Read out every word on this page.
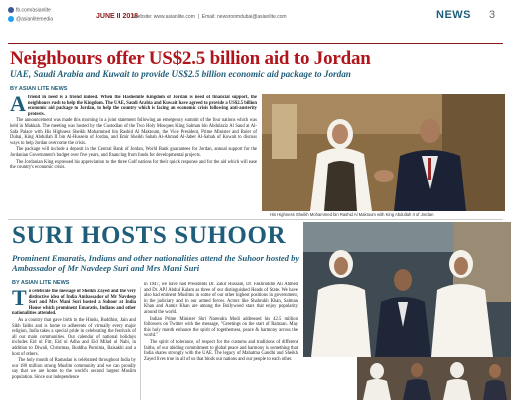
fb.com/asianlite
@asianlitemedia	JUNE II 2018
Website: www.asianlite.com  |  Email: newsroomdubai@asianlite.com	NEWS 3
Neighbours offer US$2.5 billion aid to Jordan
UAE, Saudi Arabia and Kuwait to provide US$2.5 billion economic aid package to Jordan
BY ASIAN LITE NEWS
A friend in need is a friend indeed. When the Hashemite Kingdom of Jordan is need of financial support, the neighbours rush to help the Kingdom. The UAE, Saudi Arabia and Kuwait have agreed to provide a US$2.5 billion economic aid package to Jordan, to help the country which is facing an economic crisis following anti-austerity protests.

The announcement was made this morning in a joint statement following an emergency summit of the four nations which was held in Makkah. The meeting was hosted by the Custodian of the Two Holy Mosques King Salman bin Abdulaziz Al Saud at Al-Safa Palace with His Highness Sheikh Mohammed bin Rashid Al Maktoum, the Vice President, Prime Minister and Ruler of Dubai, King Abdullah II bin Al-Hussein of Jordan, and Emir Sheikh Sabah Al-Ahmad Al-Jaber Al-Sabah of Kuwait to discuss ways to help Jordan overcome the crisis.

The package will include a deposit in the Central Bank of Jordan, World Bank guarantees for Jordan, annual support for the Jordanian Government's budget over five years, and financing from funds for developmental projects.

The Jordanian King expressed his appreciation to the three Gulf nations for their quick response and for the aid which will ease the country's economic crisis.

His Highness Sheikh Mohammed bin Rashid Al Maktoum with King Abdullah II of Jordan
SURI HOSTS SUHOOR
Prominent Emaratis, Indians and other nationalities attend the Suhoor hosted by Ambassador of Mr Navdeep Suri and Mrs Mani Suri
BY ASIAN LITE NEWS
T o celebrate the message of Sheikh Zayed and the very distinctive idea of India Ambassador of Mr Navdeep Suri and Mrs Mani Suri hosted a Suhoor at India House which prominent Emaratis, Indians and other nationalities attended.

As a country that gave birth to the Hindu, Buddhist, Jain and Sikh faiths and is home to adherents of virtually every major religion, India takes a special pride in celebrating the festivals of all our main communities. Our calendar of national holidays includes Eid ul Fitr, Eid ul Adha and Eid Milad ul Nabi, in addition to Diwali, Christmas, Buddha Purnima, Baisakhi and a host of others.

The holy month of Ramadan is celebrated throughout India by our 180 million strong Muslim community and we can proudly say that we are home to the world's second largest Muslim population. Since our independence

in 1947, we have had Presidents Dr. Zakir Hussain, Dr. Fakhruddin Ali Ahmed and Dr. APJ Abdul Kalam as three of our distinguished Heads of State. We have also had eminent Muslims in some of our other highest positions in government, in the judiciary and in our armed forces. Actors like Shahrukh Khan, Salman Khan and Aamir Khan are among the Bollywood stars that enjoy popularity around the world.

Indian Prime Minister Shri Narendra Modi addressed his 42.5 million followers on Twitter with the message, "Greetings on the start of Ramzan. May this holy month enhance the spirit of togetherness, peace & harmony across the world."

The spirit of tolerance, of respect for the customs and traditions of different faiths, of our abiding commitment to global peace and harmony is something that India shares strongly with the UAE. The legacy of Mahatma Gandhi and Sheikh Zayed lives true in all of us that binds our nations and our people to each other.
